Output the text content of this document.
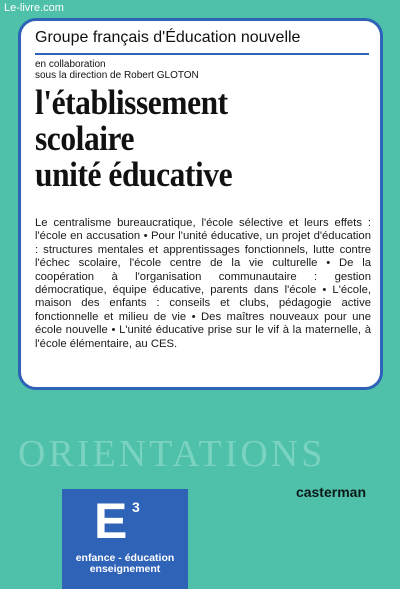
Le-livre.com
Groupe français d'Éducation nouvelle
en collaboration
sous la direction de Robert GLOTON
l'établissement
scolaire
unité éducative
Le centralisme bureaucratique, l'école sélective et leurs effets : l'école en accusation • Pour l'unité éducative, un projet d'éducation : structures mentales et apprentissages fonctionnels, lutte contre l'échec scolaire, l'école centre de la vie culturelle • De la coopération à l'organisation communautaire : gestion démocratique, équipe éducative, parents dans l'école • L'école, maison des enfants : conseils et clubs, pédagogie active fonctionnelle et milieu de vie • Des maîtres nouveaux pour une école nouvelle • L'unité éducative prise sur le vif à la maternelle, à l'école élémentaire, au CES.
ORIENTATIONS
casterman
E 3
enfance - éducation
enseignement
